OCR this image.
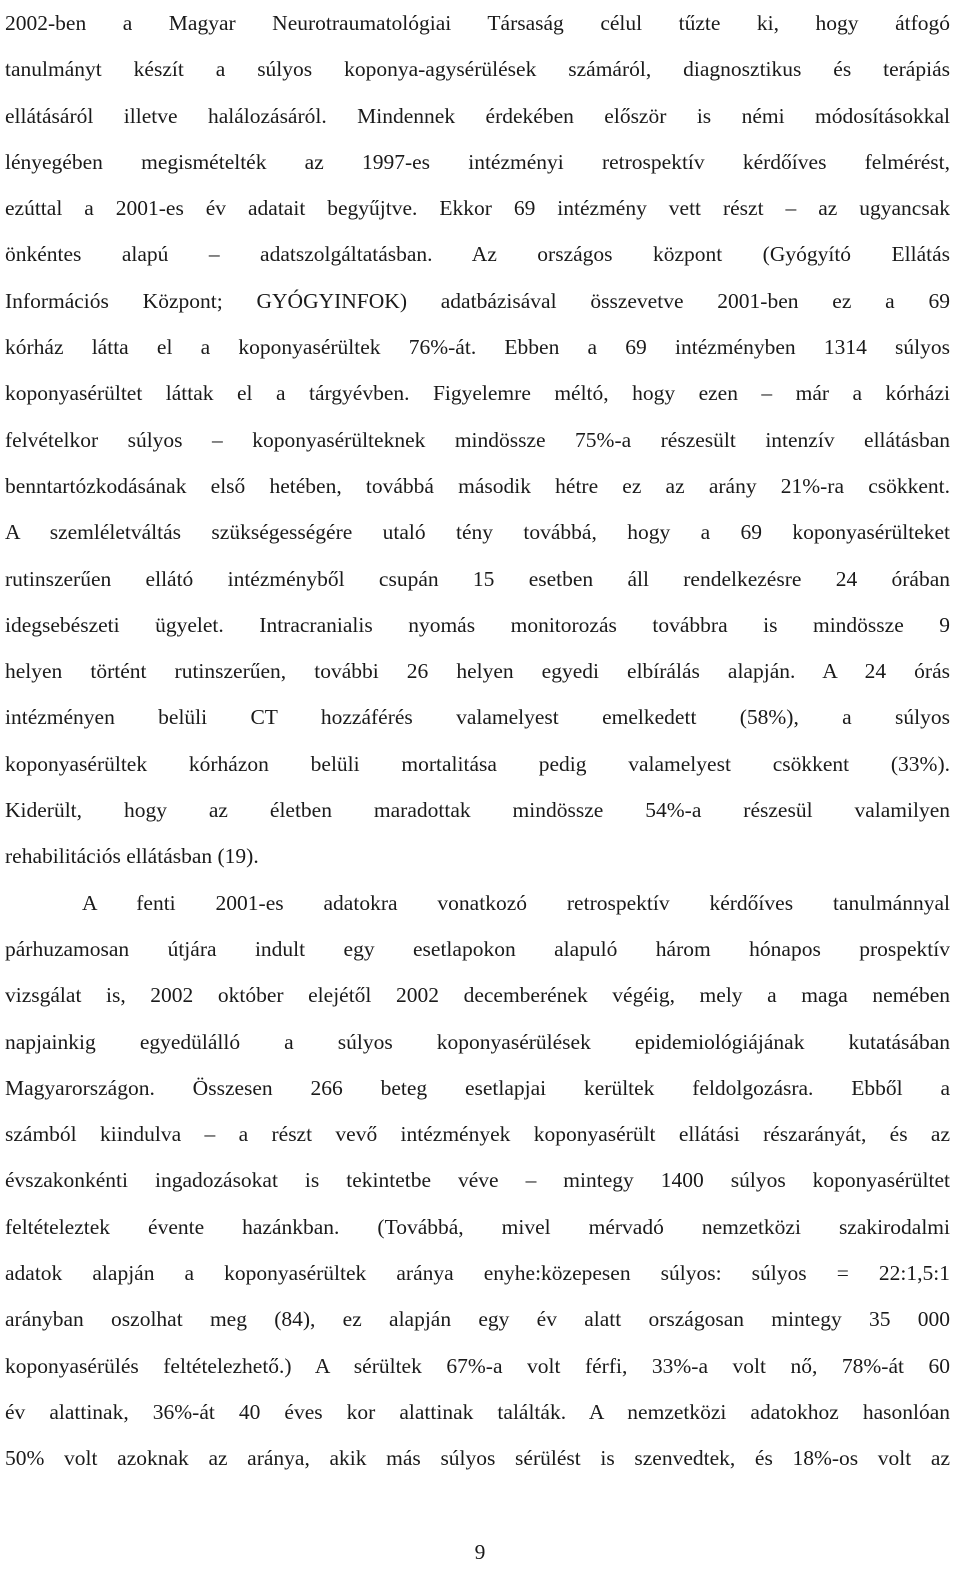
2002-ben a Magyar Neurotraumatológiai Társaság célul tűzte ki, hogy átfogó
tanulmányt készít a súlyos koponya-agysérülések számáról, diagnosztikus és terápiás
ellátásáról illetve halálozásáról. Mindennek érdekében először is némi módosításokkal
lényegében megismételték az 1997-es intézményi retrospektív kérdőíves felmérést,
ezúttal a 2001-es év adatait begyűjtve. Ekkor 69 intézmény vett részt – az ugyancsak
önkéntes alapú – adatszolgáltatásban. Az országos központ (Gyógyító Ellátás
Információs Központ; GYÓGYINFOK) adatbázisával összevetve 2001-ben ez a 69
kórház látta el a koponyasérültek 76%-át. Ebben a 69 intézményben 1314 súlyos
koponyasérültet láttak el a tárgyévben. Figyelemre méltó, hogy ezen – már a kórházi
felvételkor súlyos – koponyasérülteknek mindössze 75%-a részesült intenzív ellátásban
benntartózkodásának első hetében, továbbá második hétre ez az arány 21%-ra csökkent.
A szemléletváltás szükségességére utaló tény továbbá, hogy a 69 koponyasérülteket
rutinszerűen ellátó intézményből csupán 15 esetben áll rendelkezésre 24 órában
idegsebészeti ügyelet. Intracranialis nyomás monitorozás továbbra is mindössze 9
helyen történt rutinszerűen, további 26 helyen egyedi elbírálás alapján. A 24 órás
intézményen belüli CT hozzáférés valamelyest emelkedett (58%), a súlyos
koponyasérültek kórházon belüli mortalitása pedig valamelyest csökkent (33%).
Kiderült, hogy az életben maradottak mindössze 54%-a részesül valamilyen
rehabilitációs ellátásban (19).
A fenti 2001-es adatokra vonatkozó retrospektív kérdőíves tanulmánnyal
párhuzamosan útjára indult egy esetlapokon alapuló három hónapos prospektív
vizsgálat is, 2002 október elejétől 2002 decemberének végéig, mely a maga nemében
napjainkig egyedülálló a súlyos koponyasérülések epidemiológiájának kutatásában
Magyarországon. Összesen 266 beteg esetlapjai kerültek feldolgozásra. Ebből a
számból kiindulva – a részt vevő intézmények koponyasérült ellátási részarányát, és az
évszakonkénti ingadozásokat is tekintetbe véve – mintegy 1400 súlyos koponyasérültet
feltételeztek évente hazánkban. (Továbbá, mivel mérvadó nemzetközi szakirodalmi
adatok alapján a koponyasérültek aránya enyhe:közepesen súlyos: súlyos = 22:1,5:1
arányban oszolhat meg (84), ez alapján egy év alatt országosan mintegy 35 000
koponyasérülés feltételezhető.) A sérültek 67%-a volt férfi, 33%-a volt nő, 78%-át 60
év alattinak, 36%-át 40 éves kor alattinak találták. A nemzetközi adatokhoz hasonlóan
50% volt azoknak az aránya, akik más súlyos sérülést is szenvedtek, és 18%-os volt az
9
